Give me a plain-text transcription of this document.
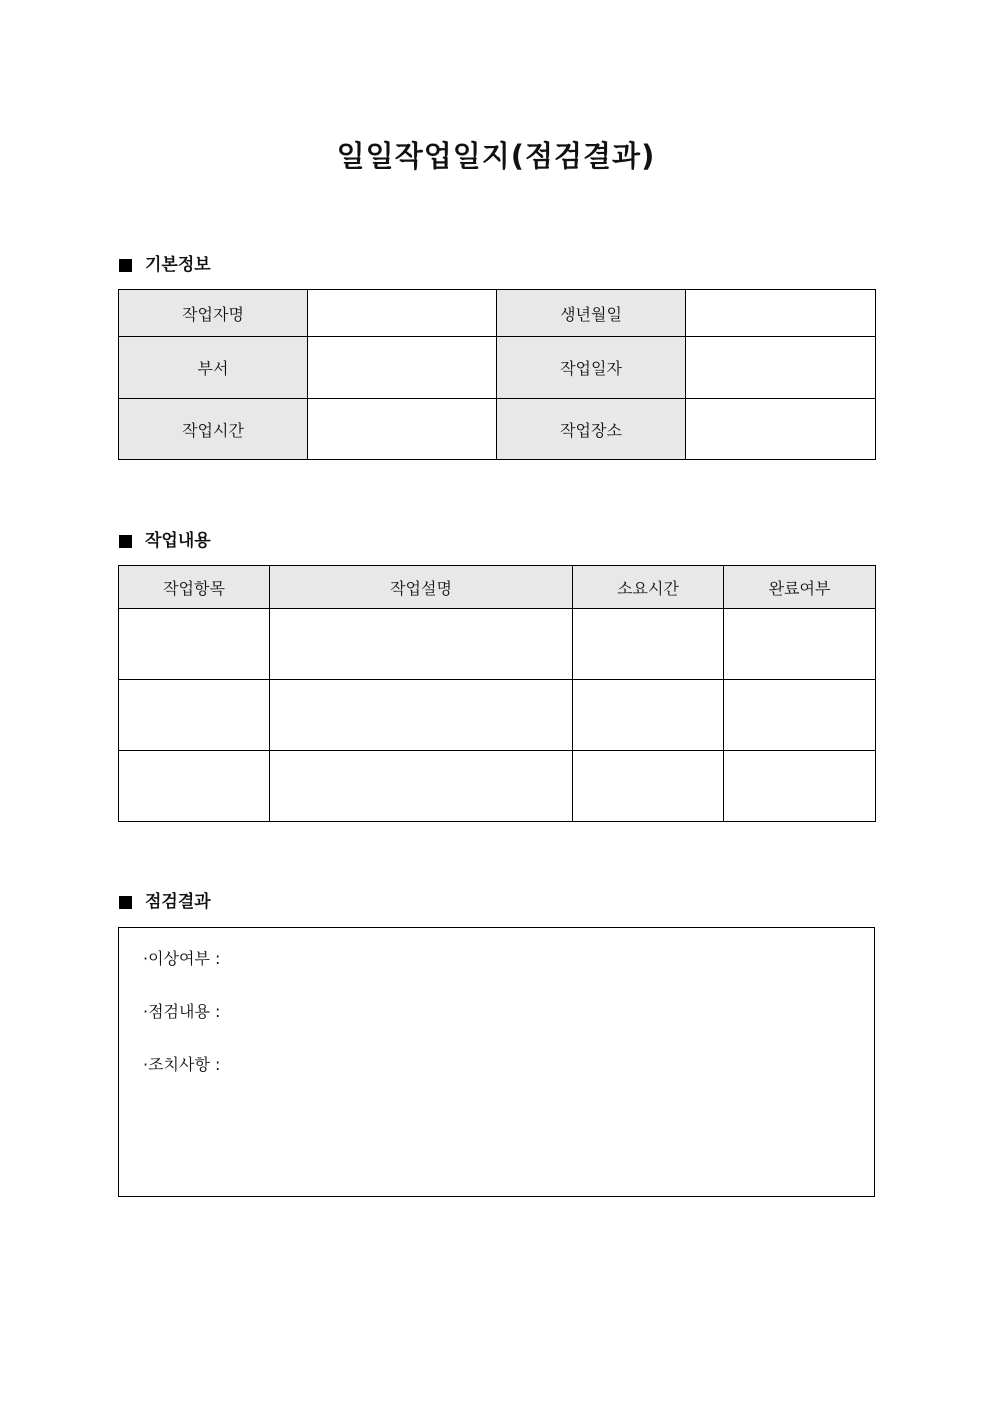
일일작업일지(점검결과)
기본정보
작업자명		생년월일	
부서		작업일자	
작업시간		작업장소	
작업내용
작업항목	작업설명	소요시간	완료여부

점검결과
·이상여부 :
·점검내용 :
·조치사항 :
